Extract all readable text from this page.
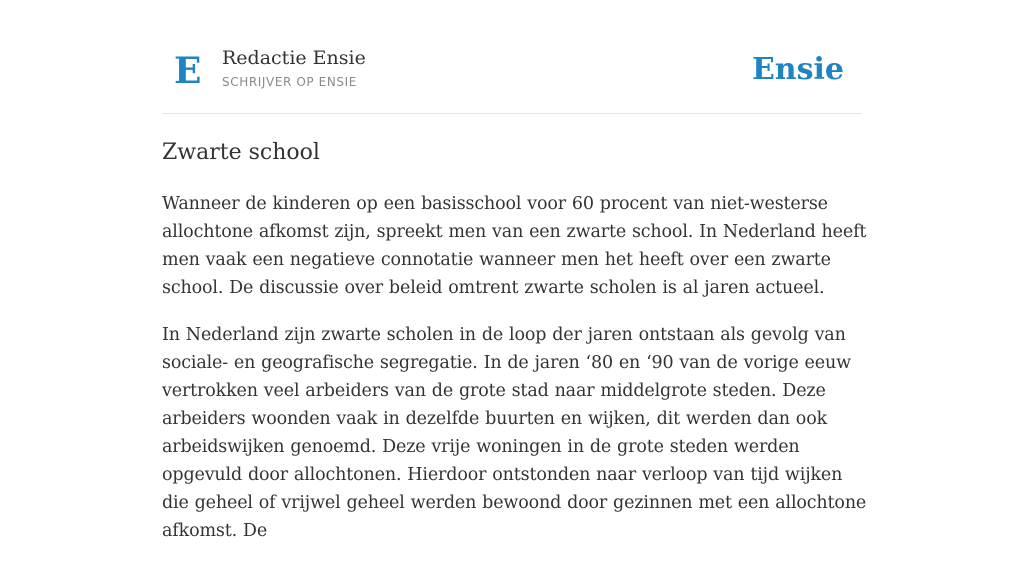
E Redactie Ensie
SCHRIJVER OP ENSIE	Ensie
Zwarte school

Wanneer de kinderen op een basisschool voor 60 procent van niet-westerse allochtone afkomst zijn, spreekt men van een zwarte school. In Nederland heeft men vaak een negatieve connotatie wanneer men het heeft over een zwarte school. De discussie over beleid omtrent zwarte scholen is al jaren actueel.

In Nederland zijn zwarte scholen in de loop der jaren ontstaan als gevolg van sociale- en geografische segregatie. In de jaren ‘80 en ‘90 van de vorige eeuw vertrokken veel arbeiders van de grote stad naar middelgrote steden. Deze arbeiders woonden vaak in dezelfde buurten en wijken, dit werden dan ook arbeidswijken genoemd. Deze vrije woningen in de grote steden werden opgevuld door allochtonen. Hierdoor ontstonden naar verloop van tijd wijken die geheel of vrijwel geheel werden bewoond door gezinnen met een allochtone afkomst. De
